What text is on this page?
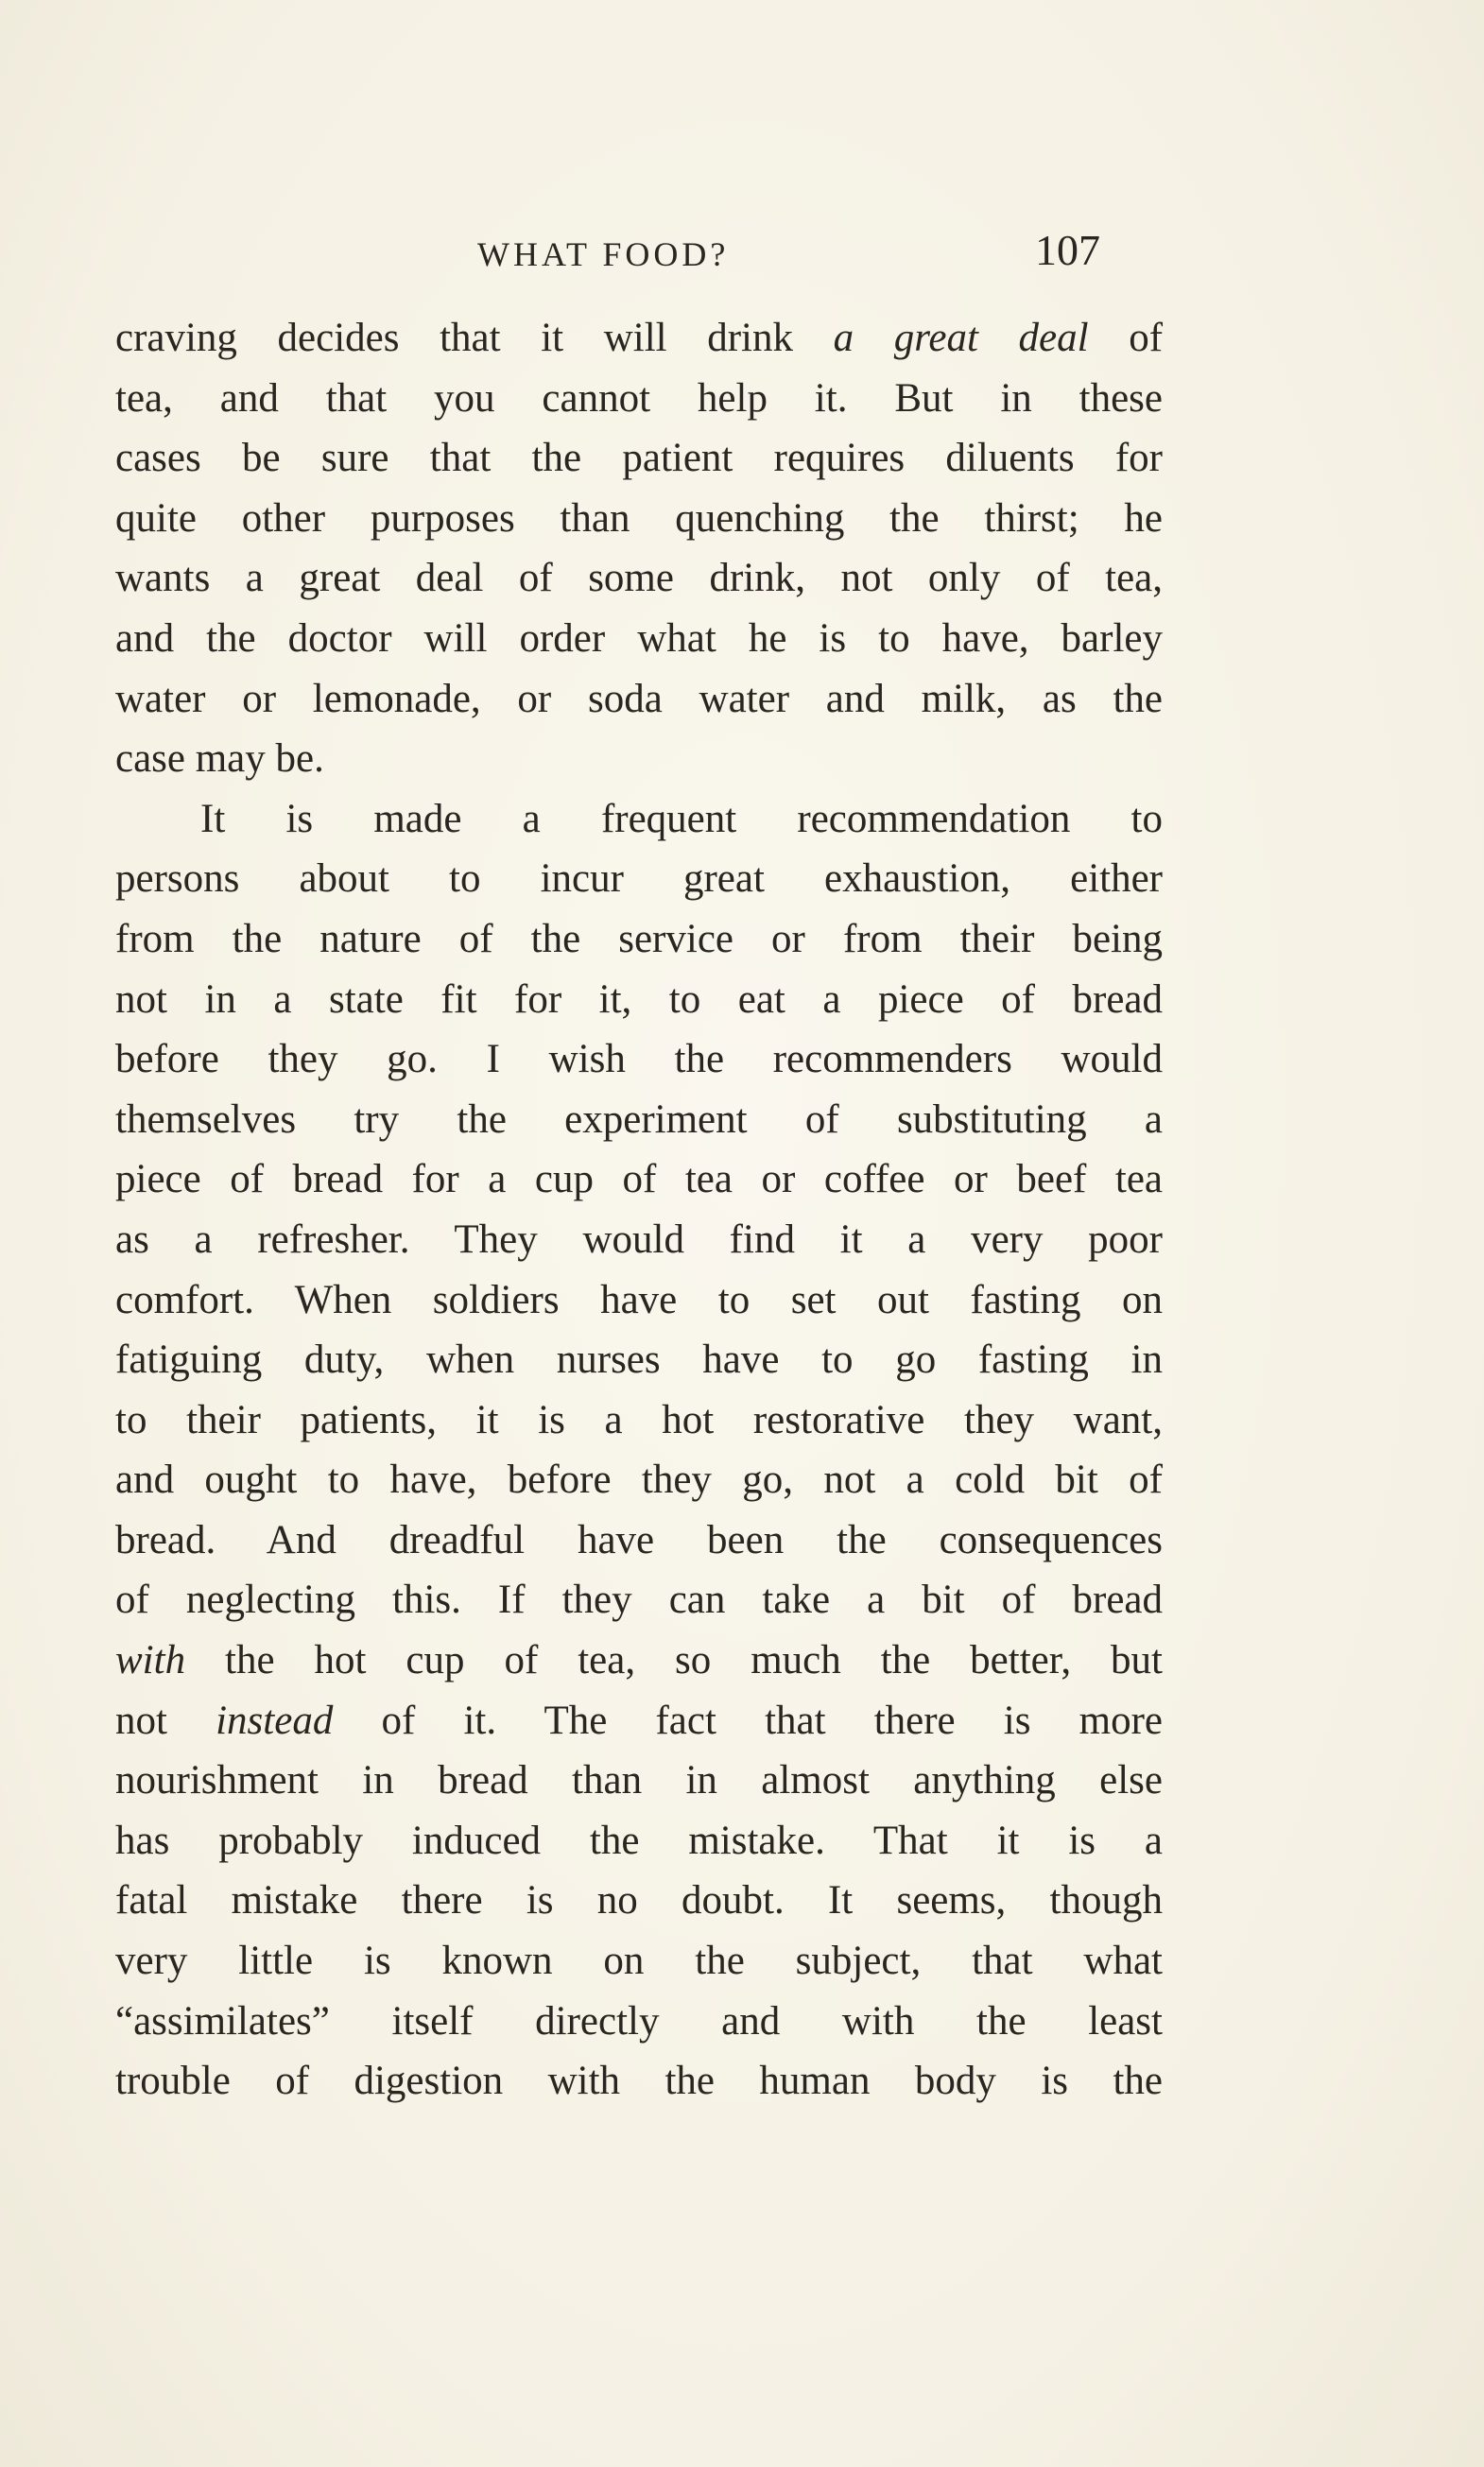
WHAT FOOD?	107
craving decides that it will drink a great deal of
tea, and that you cannot help it. But in these
cases be sure that the patient requires diluents for
quite other purposes than quenching the thirst; he
wants a great deal of some drink, not only of tea,
and the doctor will order what he is to have, barley
water or lemonade, or soda water and milk, as the
case may be.
It is made a frequent recommendation to
persons about to incur great exhaustion, either
from the nature of the service or from their being
not in a state fit for it, to eat a piece of bread
before they go. I wish the recommenders would
themselves try the experiment of substituting a
piece of bread for a cup of tea or coffee or beef tea
as a refresher. They would find it a very poor
comfort. When soldiers have to set out fasting on
fatiguing duty, when nurses have to go fasting in
to their patients, it is a hot restorative they want,
and ought to have, before they go, not a cold bit of
bread. And dreadful have been the consequences
of neglecting this. If they can take a bit of bread
with the hot cup of tea, so much the better, but
not instead of it. The fact that there is more
nourishment in bread than in almost anything else
has probably induced the mistake. That it is a
fatal mistake there is no doubt. It seems, though
very little is known on the subject, that what
“assimilates” itself directly and with the least
trouble of digestion with the human body is the
